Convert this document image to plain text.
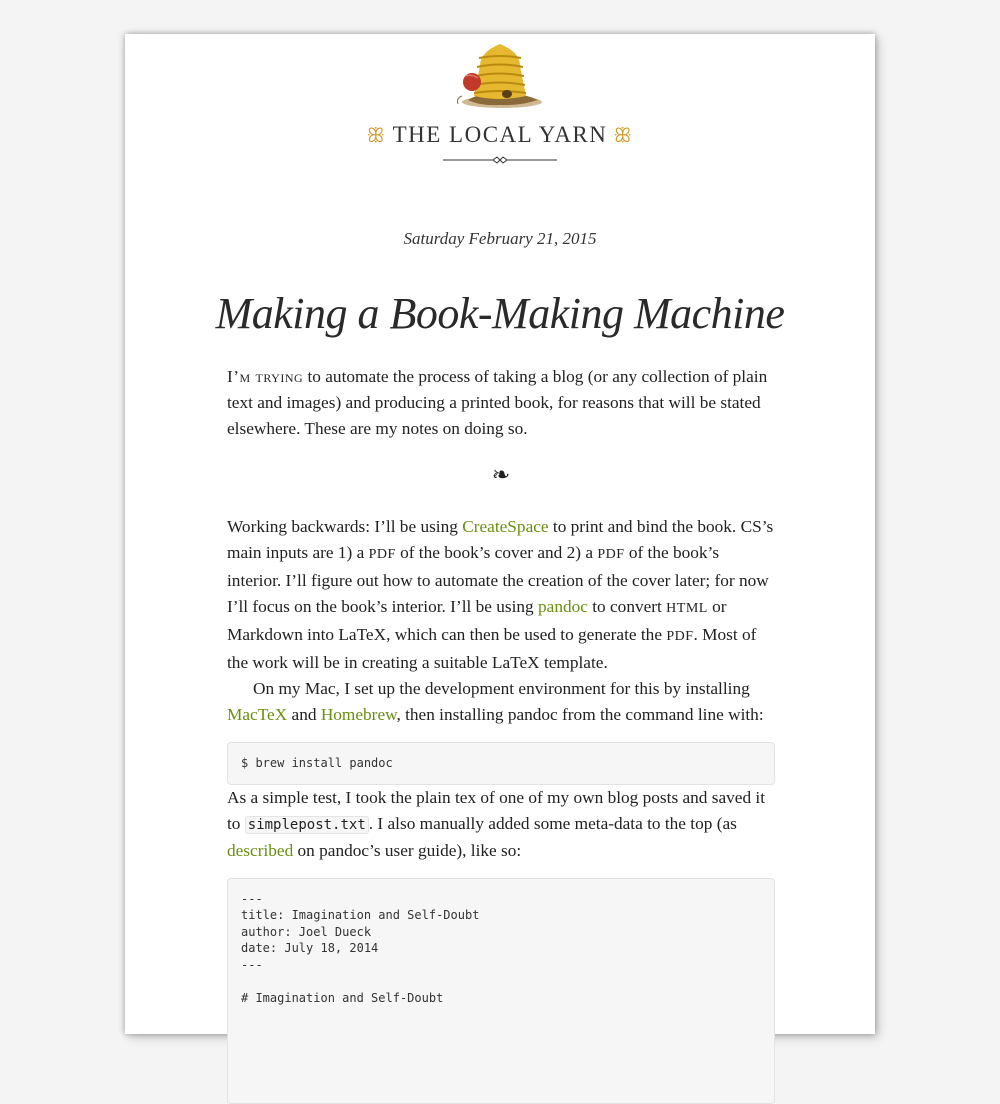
ꕥ THE LOCAL YARN ꕥ
Saturday February 21, 2015
Making a Book-Making Machine

I’m trying to automate the process of taking a blog (or any collection of plain text and images) and producing a printed book, for reasons that will be stated elsewhere. These are my notes on doing so.

❧

Working backwards: I’ll be using CreateSpace to print and bind the book. CS’s main inputs are 1) a PDF of the book’s cover and 2) a PDF of the book’s interior. I’ll figure out how to automate the creation of the cover later; for now I’ll focus on the book’s interior. I’ll be using pandoc to convert HTML or Markdown into LaTeX, which can then be used to generate the PDF. Most of the work will be in creating a suitable LaTeX template.

On my Mac, I set up the development environment for this by installing MacTeX and Homebrew, then installing pandoc from the command line with:

$ brew install pandoc

As a simple test, I took the plain tex of one of my own blog posts and saved it to simplepost.txt . I also manually added some meta-data to the top (as described on pandoc’s user guide), like so:

---
title: Imagination and Self-Doubt
author: Joel Dueck
date: July 18, 2014
---

# Imagination and Self-Doubt
